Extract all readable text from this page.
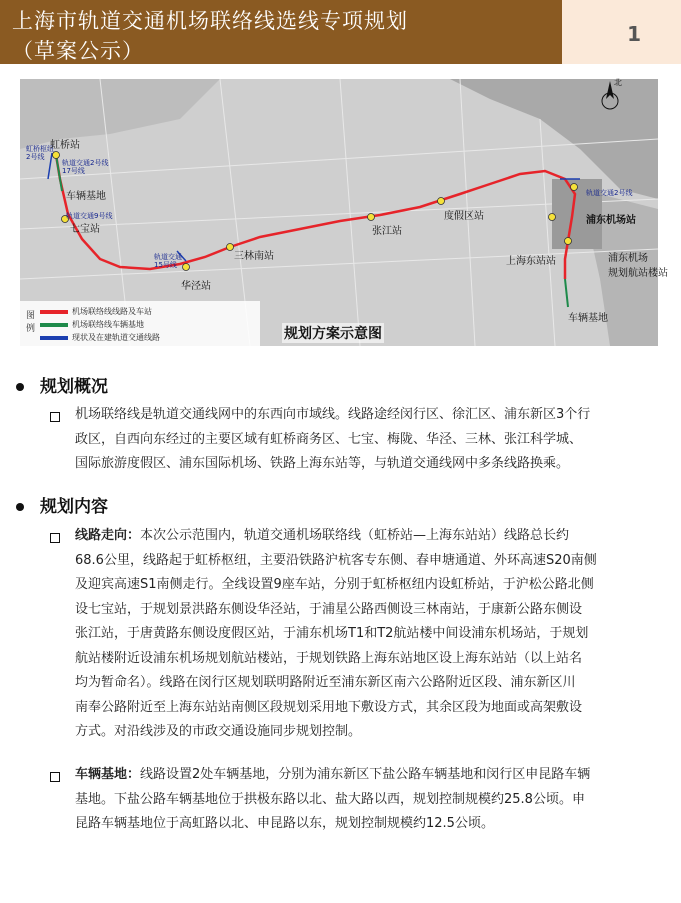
上海市轨道交通机场联络线选线专项规划
（草案公示）
1
北
虹桥枢纽
2号线
轨道交通2号线
17号线
轨道交通9号线
轨道交通
15号线
轨道交通2号线
虹桥站
车辆基地
七宝站
华泾站
三林南站
张江站
度假区站
上海东站站
浦东机场站
浦东机场
规划航站楼站
车辆基地
图例
机场联络线线路及车站
机场联络线车辆基地
现状及在建轨道交通线路	规划方案示意图
规划概况
机场联络线是轨道交通线网中的东西向市域线。线路途经闵行区、徐汇区、浦东新区3个行
政区，自西向东经过的主要区域有虹桥商务区、七宝、梅陇、华泾、三林、张江科学城、
国际旅游度假区、浦东国际机场、铁路上海东站等，与轨道交通线网中多条线路换乘。
规划内容
线路走向：本次公示范围内，轨道交通机场联络线（虹桥站—上海东站站）线路总长约
68.6公里，线路起于虹桥枢纽，主要沿铁路沪杭客专东侧、春申塘通道、外环高速S20南侧
及迎宾高速S1南侧走行。全线设置9座车站，分别于虹桥枢纽内设虹桥站，于沪松公路北侧
设七宝站，于规划景洪路东侧设华泾站，于浦星公路西侧设三林南站，于康新公路东侧设
张江站，于唐黄路东侧设度假区站，于浦东机场T1和T2航站楼中间设浦东机场站，于规划
航站楼附近设浦东机场规划航站楼站，于规划铁路上海东站地区设上海东站站（以上站名
均为暂命名）。线路在闵行区规划联明路附近至浦东新区南六公路附近区段、浦东新区川
南奉公路附近至上海东站站南侧区段规划采用地下敷设方式，其余区段为地面或高架敷设
方式。对沿线涉及的市政交通设施同步规划控制。
车辆基地：线路设置2处车辆基地，分别为浦东新区下盐公路车辆基地和闵行区申昆路车辆
基地。下盐公路车辆基地位于拱极东路以北、盐大路以西，规划控制规模约25.8公顷。申
昆路车辆基地位于高虹路以北、申昆路以东，规划控制规模约12.5公顷。
